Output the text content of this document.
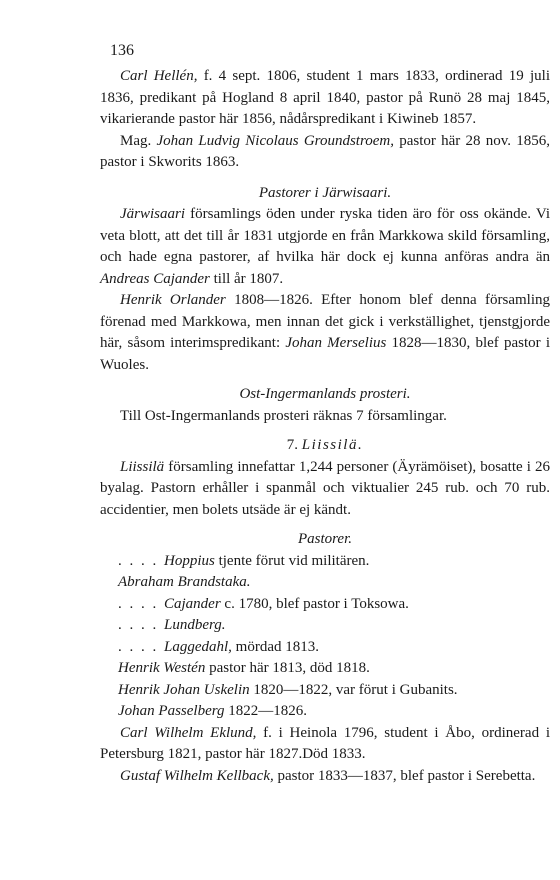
136

Carl Hellén, f. 4 sept. 1806, student 1 mars 1833, ordinerad 19 juli 1836, predikant på Hogland 8 april 1840, pastor på Runö 28 maj 1845, vikarierande pastor här 1856, nådårspredikant i Kiwineb 1857.

Mag. Johan Ludvig Nicolaus Groundstroem, pastor här 28 nov. 1856, pastor i Skworits 1863.

Pastorer i Järwisaari.

Järwisaari församlings öden under ryska tiden äro för oss okände. Vi veta blott, att det till år 1831 utgjorde en från Markkowa skild församling, och hade egna pastorer, af hvilka här dock ej kunna anföras andra än Andreas Cajander till år 1807.

Henrik Orlander 1808—1826. Efter honom blef denna församling förenad med Markkowa, men innan det gick i verkställighet, tjenstgjorde här, såsom interimspredikant: Johan Merselius 1828—1830, blef pastor i Wuoles.

Ost-Ingermanlands prosteri.

Till Ost-Ingermanlands prosteri räknas 7 församlingar.

7. Liissilä.

Liissilä församling innefattar 1,244 personer (Äyrämöiset), bosatte i 26 byalag. Pastorn erhåller i spanmål och viktualier 245 rub. och 70 rub. accidentier, men bolets utsäde är ej kändt.

Pastorer.

. . . . Hoppius tjente förut vid militären.

Abraham Brandstaka.

. . . . Cajander c. 1780, blef pastor i Toksowa.

. . . . Lundberg.

. . . . Laggedahl, mördad 1813.

Henrik Westén pastor här 1813, död 1818.

Henrik Johan Uskelin 1820—1822, var förut i Gubanits.

Johan Passelberg 1822—1826.

Carl Wilhelm Eklund, f. i Heinola 1796, student i Åbo, ordinerad i Petersburg 1821, pastor här 1827.Död 1833.

Gustaf Wilhelm Kellback, pastor 1833—1837, blef pastor i Serebetta.
